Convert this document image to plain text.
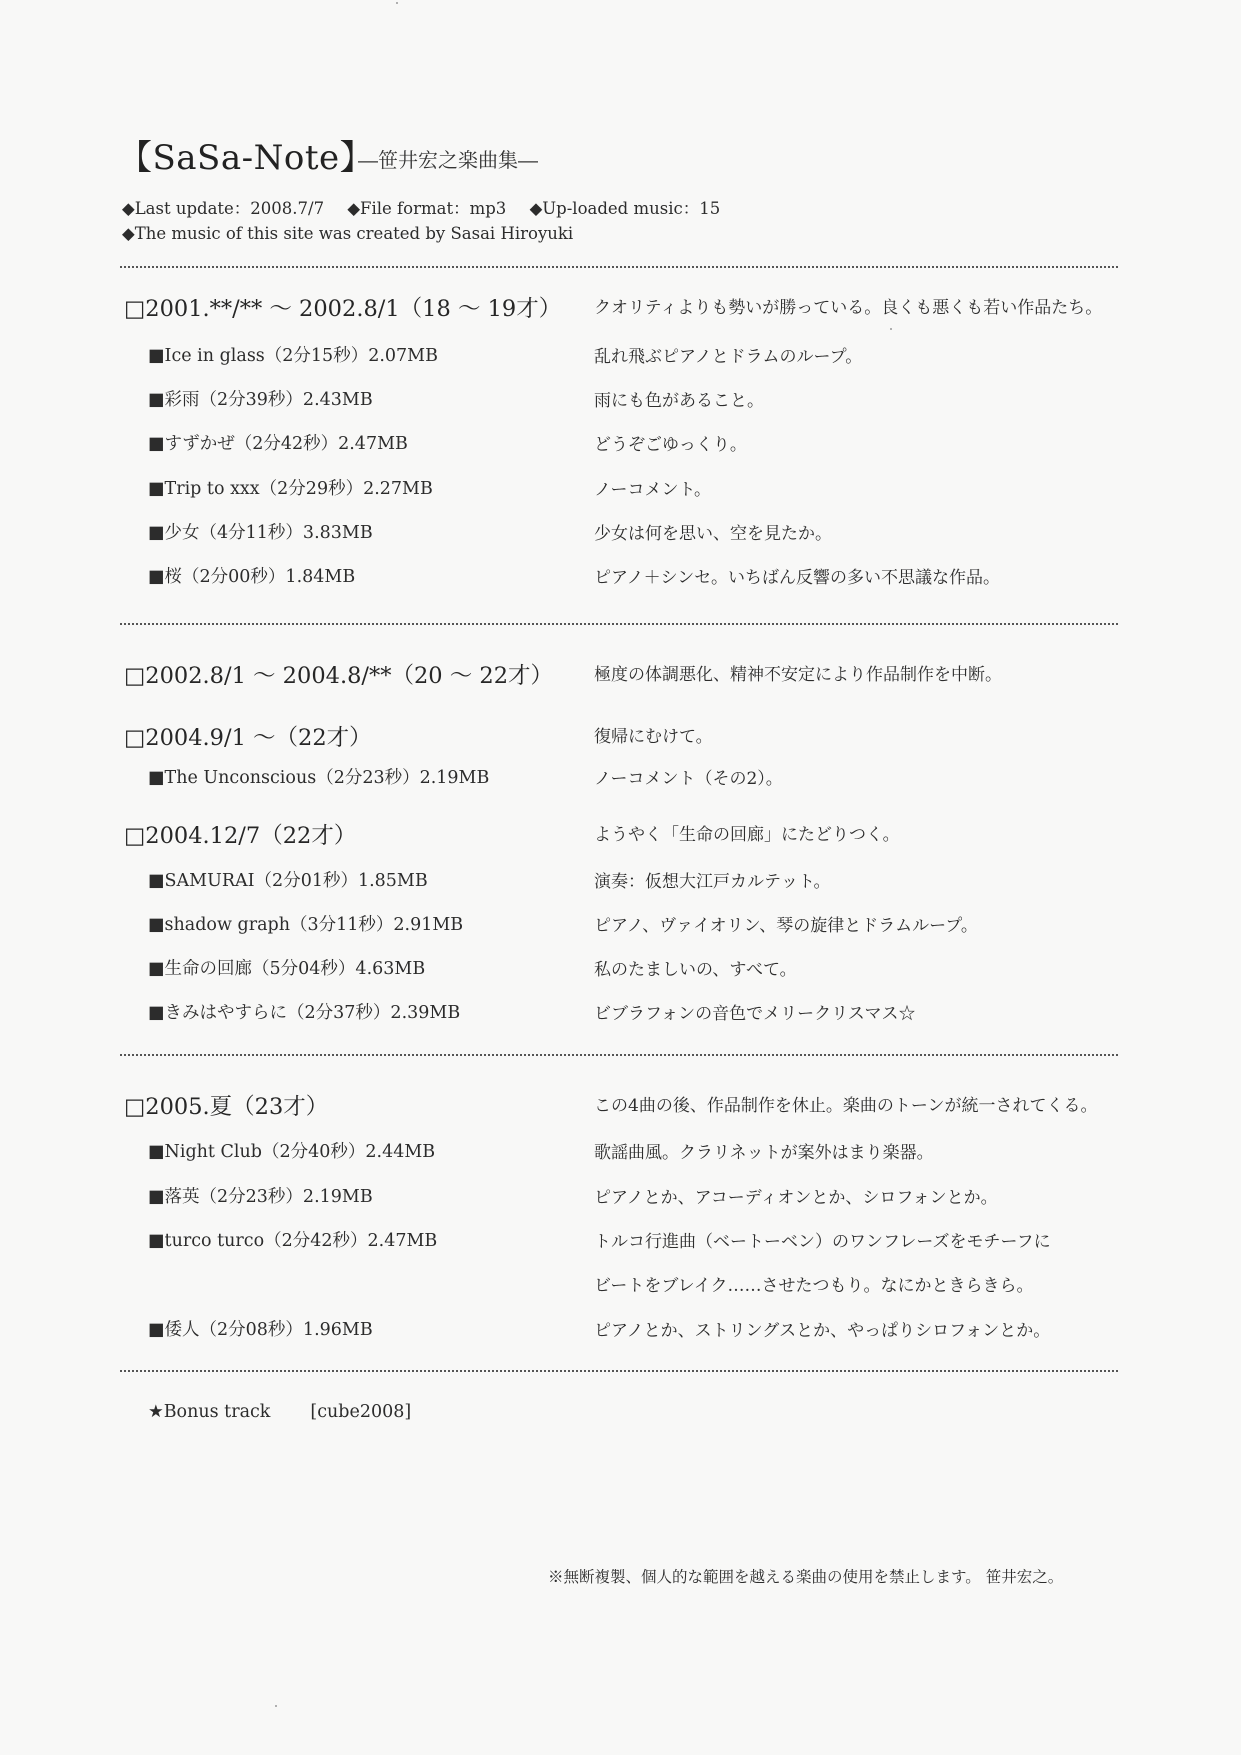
【SaSa-Note】
―笹井宏之楽曲集―
◆Last update：2008.7/7 ◆File format：mp3 ◆Up-loaded music：15
◆The music of this site was created by Sasai Hiroyuki
□2001.**/** ～ 2002.8/1（18 ～ 19才） クオリティよりも勢いが勝っている。良くも悪くも若い作品たち。
■Ice in glass（2分15秒）2.07MB	乱れ飛ぶピアノとドラムのループ。
■彩雨（2分39秒）2.43MB	雨にも色があること。
■すずかぜ（2分42秒）2.47MB	どうぞごゆっくり。
■Trip to xxx（2分29秒）2.27MB	ノーコメント。
■少女（4分11秒）3.83MB	少女は何を思い、空を見たか。
■桜（2分00秒）1.84MB	ピアノ＋シンセ。いちばん反響の多い不思議な作品。
□2002.8/1 ～ 2004.8/**（20 ～ 22才） 極度の体調悪化、精神不安定により作品制作を中断。
□2004.9/1 ～（22才）	復帰にむけて。
■The Unconscious（2分23秒）2.19MB	ノーコメント（その2）。
□2004.12/7（22才）	ようやく「生命の回廊」にたどりつく。
■SAMURAI（2分01秒）1.85MB	演奏：仮想大江戸カルテット。
■shadow graph（3分11秒）2.91MB	ピアノ、ヴァイオリン、琴の旋律とドラムループ。
■生命の回廊（5分04秒）4.63MB	私のたましいの、すべて。
■きみはやすらに（2分37秒）2.39MB	ビブラフォンの音色でメリークリスマス☆
□2005.夏（23才）	この4曲の後、作品制作を休止。楽曲のトーンが統一されてくる。
■Night Club（2分40秒）2.44MB	歌謡曲風。クラリネットが案外はまり楽器。
■落英（2分23秒）2.19MB	ピアノとか、アコーディオンとか、シロフォンとか。
■turco turco（2分42秒）2.47MB	トルコ行進曲（ベートーベン）のワンフレーズをモチーフに
ビートをブレイク……させたつもり。なにかときらきら。
■倭人（2分08秒）1.96MB	ピアノとか、ストリングスとか、やっぱりシロフォンとか。
★Bonus track [cube2008]
※無断複製、個人的な範囲を越える楽曲の使用を禁止します。 笹井宏之。
